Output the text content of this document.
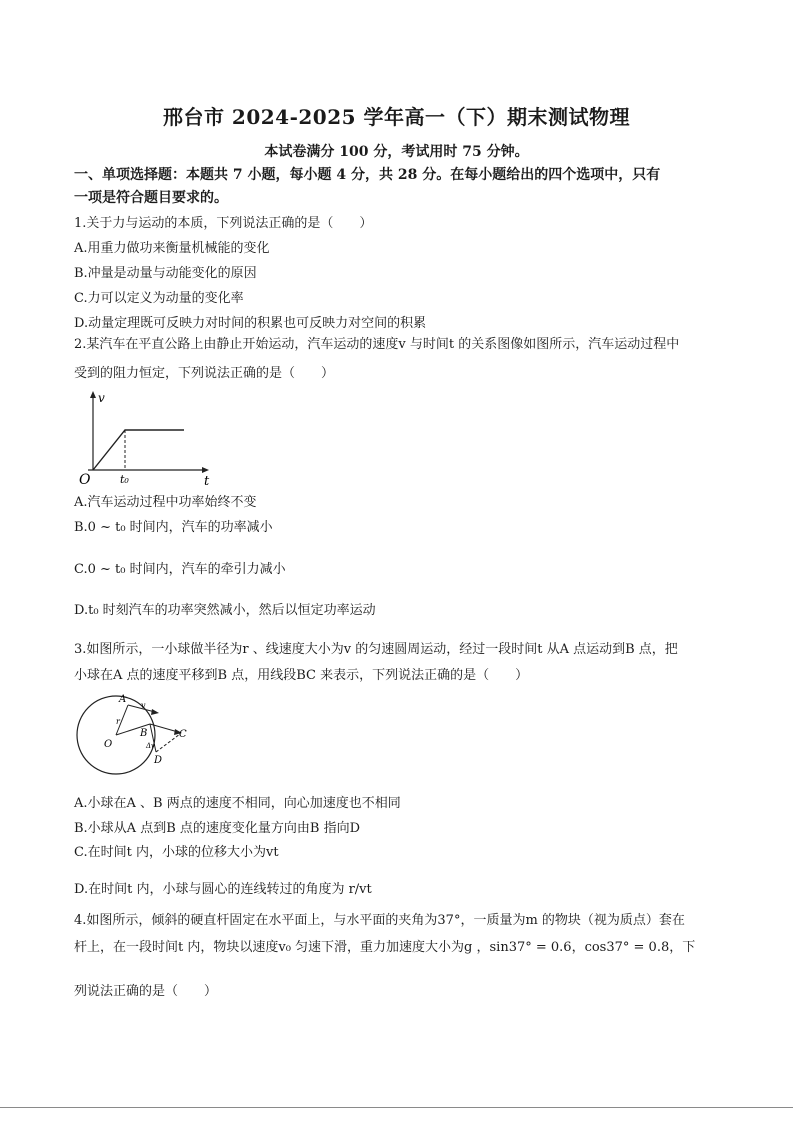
邢台市 2024-2025 学年高一（下）期末测试物理
本试卷满分 100 分，考试用时 75 分钟。
一、单项选择题：本题共 7 小题，每小题 4 分，共 28 分。在每小题给出的四个选项中，只有
一项是符合题目要求的。
1.关于力与运动的本质，下列说法正确的是（　　）
A.用重力做功来衡量机械能的变化
B.冲量是动量与动能变化的原因
C.力可以定义为动量的变化率
D.动量定理既可反映力对时间的积累也可反映力对空间的积累
2.某汽车在平直公路上由静止开始运动，汽车运动的速度v 与时间t 的关系图像如图所示，汽车运动过程中
受到的阻力恒定，下列说法正确的是（　　）
v
t
O	t₀
A.汽车运动过程中功率始终不变
B.0 ~ t₀ 时间内，汽车的功率减小
C.0 ~ t₀ 时间内，汽车的牵引力减小
D.t₀ 时刻汽车的功率突然减小，然后以恒定功率运动
3.如图所示，一小球做半径为r 、线速度大小为v 的匀速圆周运动，经过一段时间t 从A 点运动到B 点，把
小球在A 点的速度平移到B 点，用线段BC 来表示，下列说法正确的是（　　）
A
B	C
D
O
r
v
Δv
A.小球在A 、B 两点的速度不相同，向心加速度也不相同
B.小球从A 点到B 点的速度变化量方向由B 指向D
C.在时间t 内，小球的位移大小为vt
D.在时间t 内，小球与圆心的连线转过的角度为 r/vt
4.如图所示，倾斜的硬直杆固定在水平面上，与水平面的夹角为37°，一质量为m 的物块（视为质点）套在
杆上，在一段时间t 内，物块以速度v₀ 匀速下滑，重力加速度大小为g ，sin37° = 0.6，cos37° = 0.8，下
列说法正确的是（　　）
